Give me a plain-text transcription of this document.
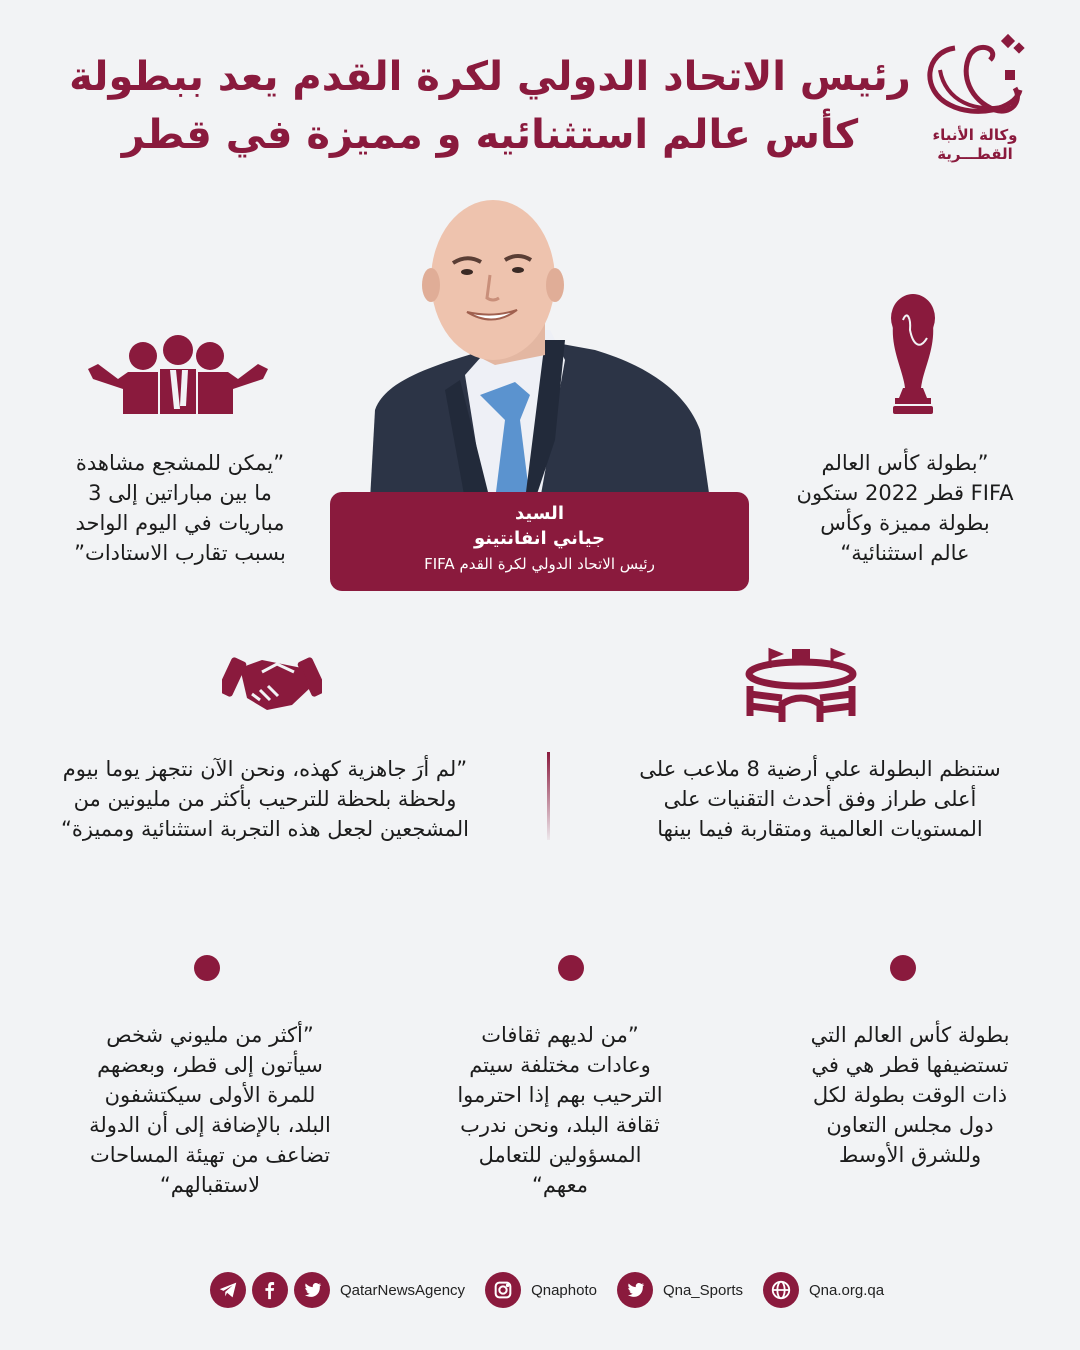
رئيس الاتحاد الدولي لكرة القدم يعد ببطولة
كأس عالم استثنائيه و مميزة في قطر	وكالة الأنباء
القطـــرية
السيد
جياني انفانتينو
رئيس الاتحاد الدولي لكرة القدم FIFA
”يمكن للمشجع مشاهدة
ما بين مباراتين إلى 3
مباريات في اليوم الواحد
بسبب تقارب الاستادات”
”بطولة كأس العالم
FIFA قطر 2022 ستكون
بطولة مميزة وكأس
عالم استثنائية“
”لم أرَ جاهزية كهذه، ونحن الآن نتجهز يوما بيوم
ولحظة بلحظة للترحيب بأكثر من مليونين من
المشجعين لجعل هذه التجربة استثنائية ومميزة“
ستنظم البطولة علي أرضية 8 ملاعب على
أعلى طراز وفق أحدث التقنيات على
المستويات العالمية ومتقاربة فيما بينها
”أكثر من مليوني شخص
سيأتون إلى قطر، وبعضهم
للمرة الأولى سيكتشفون
البلد، بالإضافة إلى أن الدولة
تضاعف من تهيئة المساحات
لاستقبالهم“
”من لديهم ثقافات
وعادات مختلفة سيتم
الترحيب بهم إذا احترموا
ثقافة البلد، ونحن ندرب
المسؤولين للتعامل
معهم“
بطولة كأس العالم التي
تستضيفها قطر هي في
ذات الوقت بطولة لكل
دول مجلس التعاون
وللشرق الأوسط
QatarNewsAgency	Qnaphoto	Qna_Sports	Qna.org.qa
